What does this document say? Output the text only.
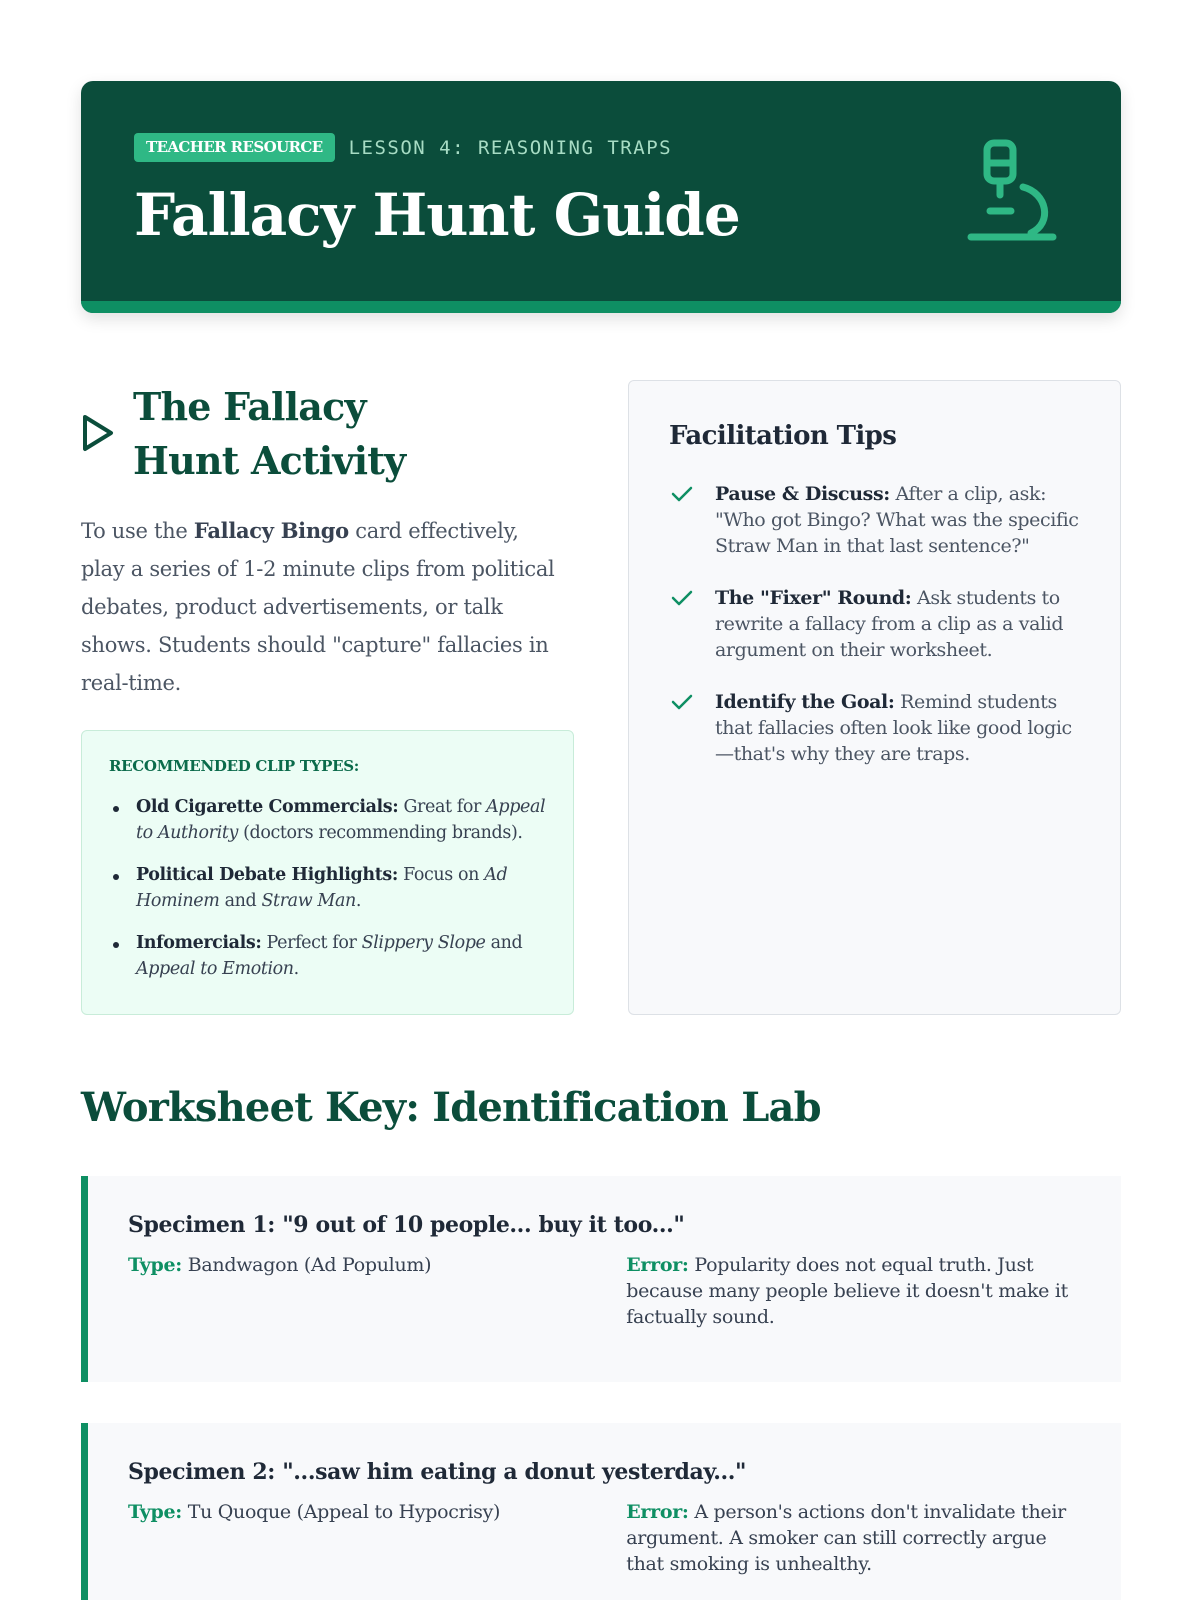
TEACHER RESOURCE	LESSON 4: REASONING TRAPS
Fallacy Hunt Guide
The Fallacy Hunt Activity

To use the Fallacy Bingo card effectively, play a series of 1-2 minute clips from political debates, product advertisements, or talk shows. Students should "capture" fallacies in real-time.

RECOMMENDED CLIP TYPES:
Old Cigarette Commercials: Great for Appeal to Authority (doctors recommending brands).
Political Debate Highlights: Focus on Ad Hominem and Straw Man.
Infomercials: Perfect for Slippery Slope and Appeal to Emotion.
Facilitation Tips

Pause & Discuss: After a clip, ask: "Who got Bingo? What was the specific Straw Man in that last sentence?"

The "Fixer" Round: Ask students to rewrite a fallacy from a clip as a valid argument on their worksheet.

Identify the Goal: Remind students that fallacies often look like good logic—that's why they are traps.

Worksheet Key: Identification Lab
Specimen 1: "9 out of 10 people... buy it too..."
Type: Bandwagon (Ad Populum)	Error: Popularity does not equal truth. Just because many people believe it doesn't make it factually sound.
Specimen 2: "...saw him eating a donut yesterday..."
Type: Tu Quoque (Appeal to Hypocrisy)	Error: A person's actions don't invalidate their argument. A smoker can still correctly argue that smoking is unhealthy.
